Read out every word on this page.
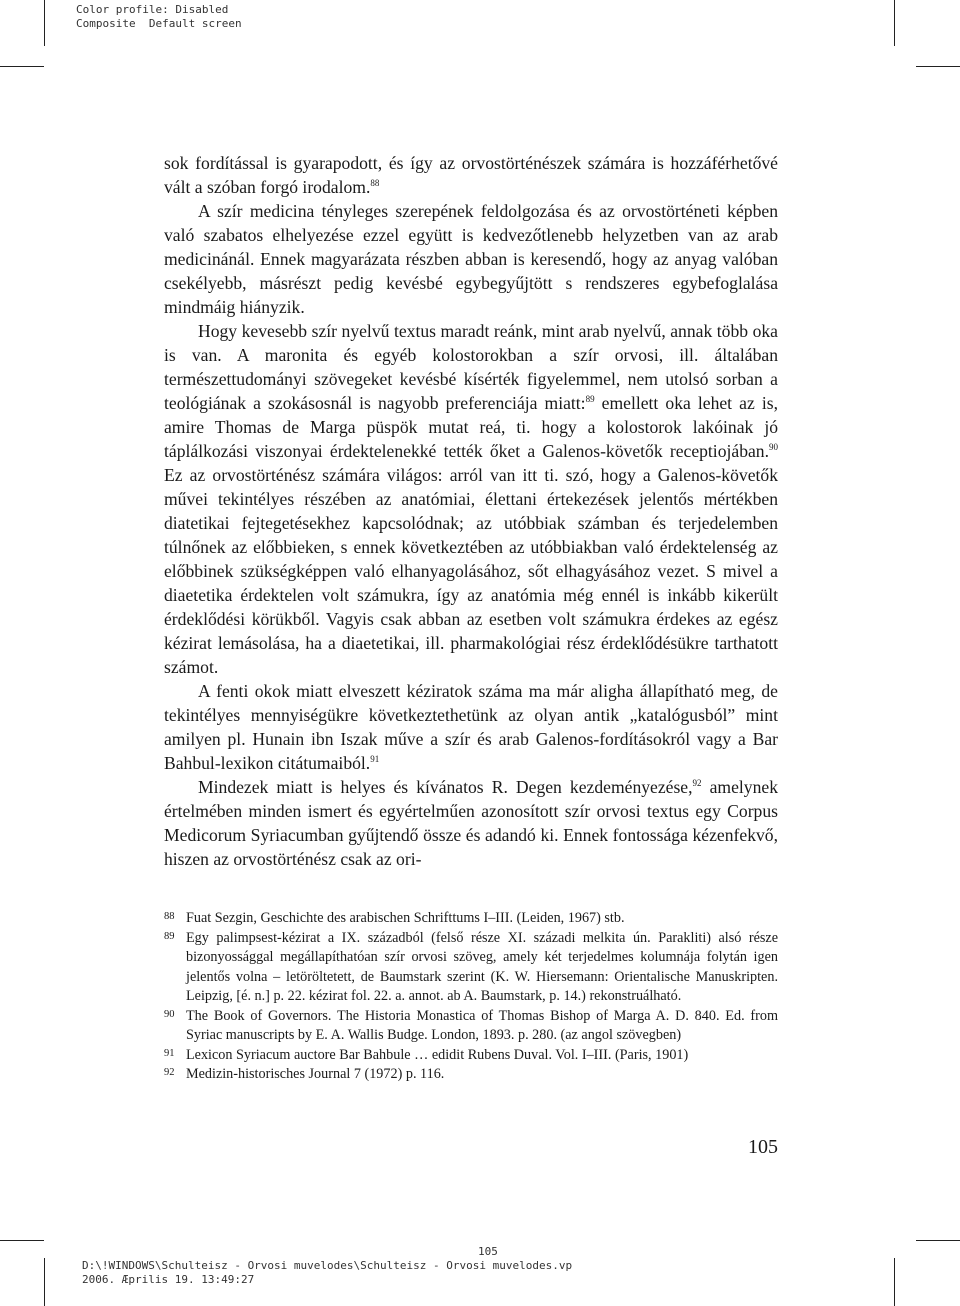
Color profile: Disabled
Composite  Default screen

sok fordítással is gyarapodott, és így az orvostörténészek számára is hozzáférhetővé vált a szóban forgó irodalom.$^{88}$

A szír medicina tényleges szerepének feldolgozása és az orvostörténeti képben való szabatos elhelyezése ezzel együtt is kedvezőtlenebb helyzetben van az arab medicinánál. Ennek magyarázata részben abban is keresendő, hogy az anyag valóban csekélyebb, másrészt pedig kevésbé egybegyűjtött s rendszeres egybefoglalása mindmáig hiányzik.

Hogy kevesebb szír nyelvű textus maradt reánk, mint arab nyelvű, annak több oka is van. A maronita és egyéb kolostorokban a szír orvosi, ill. általában természettudományi szövegeket kevésbé kísérték figyelemmel, nem utolsó sorban a teológiának a szokásosnál is nagyobb preferenciája miatt:$^{89}$ emellett oka lehet az is, amire Thomas de Marga püspök mutat reá, ti. hogy a kolostorok lakóinak jó táplálkozási viszonyai érdektelenekké tették őket a Galenos-követők receptiojában.$^{90}$ Ez az orvostörténész számára világos: arról van itt ti. szó, hogy a Galenos-követők művei tekintélyes részében az anatómiai, élettani értekezések jelentős mértékben diatetikai fejtegetésekhez kapcsolódnak; az utóbbiak számban és terjedelemben túlnőnek az előbbieken, s ennek következtében az utóbbiakban való érdektelenség az előbbinek szükségképpen való elhanyagolásához, sőt elhagyásához vezet. S mivel a diaetetika érdektelen volt számukra, így az anatómia még ennél is inkább kikerült érdeklődési körükből. Vagyis csak abban az esetben volt számukra érdekes az egész kézirat lemásolása, ha a diaetetikai, ill. pharmakológiai rész érdeklődésükre tarthatott számot.

A fenti okok miatt elveszett kéziratok száma ma már aligha állapítható meg, de tekintélyes mennyiségükre következtethetünk az olyan antik „katalógusból” mint amilyen pl. Hunain ibn Iszak műve a szír és arab Galenos-fordításokról vagy a Bar Bahbul-lexikon citátumaiból.$^{91}$

Mindezek miatt is helyes és kívánatos R. Degen kezdeményezése,$^{92}$ amelynek értelmében minden ismert és egyértelműen azonosított szír orvosi textus egy Corpus Medicorum Syriacumban gyűjtendő össze és adandó ki. Ennek fontossága kézenfekvő, hiszen az orvostörténész csak az ori-

88 Fuat Sezgin, Geschichte des arabischen Schrifttums I–III. (Leiden, 1967) stb.
89 Egy palimpsest-kézirat a IX. századból (felső része XI. századi melkita ún. Parakliti) alsó része bizonyossággal megállapíthatóan szír orvosi szöveg, amely két terjedelmes kolumnája folytán igen jelentős volna – letöröltetett, de Baumstark szerint (K. W. Hiersemann: Orientalische Manuskripten. Leipzig, [é. n.] p. 22. kézirat fol. 22. a. annot. ab A. Baumstark, p. 14.) rekonstruálható.
90 The Book of Governors. The Historia Monastica of Thomas Bishop of Marga A. D. 840. Ed. from Syriac manuscripts by E. A. Wallis Budge. London, 1893. p. 280. (az angol szövegben)
91 Lexicon Syriacum auctore Bar Bahbule … edidit Rubens Duval. Vol. I–III. (Paris, 1901)
92 Medizin-historisches Journal 7 (1972) p. 116.
105
105
D:\!WINDOWS\Schulteisz - Orvosi muvelodes\Schulteisz - Orvosi muvelodes.vp
2006. Æprilis 19. 13:49:27
